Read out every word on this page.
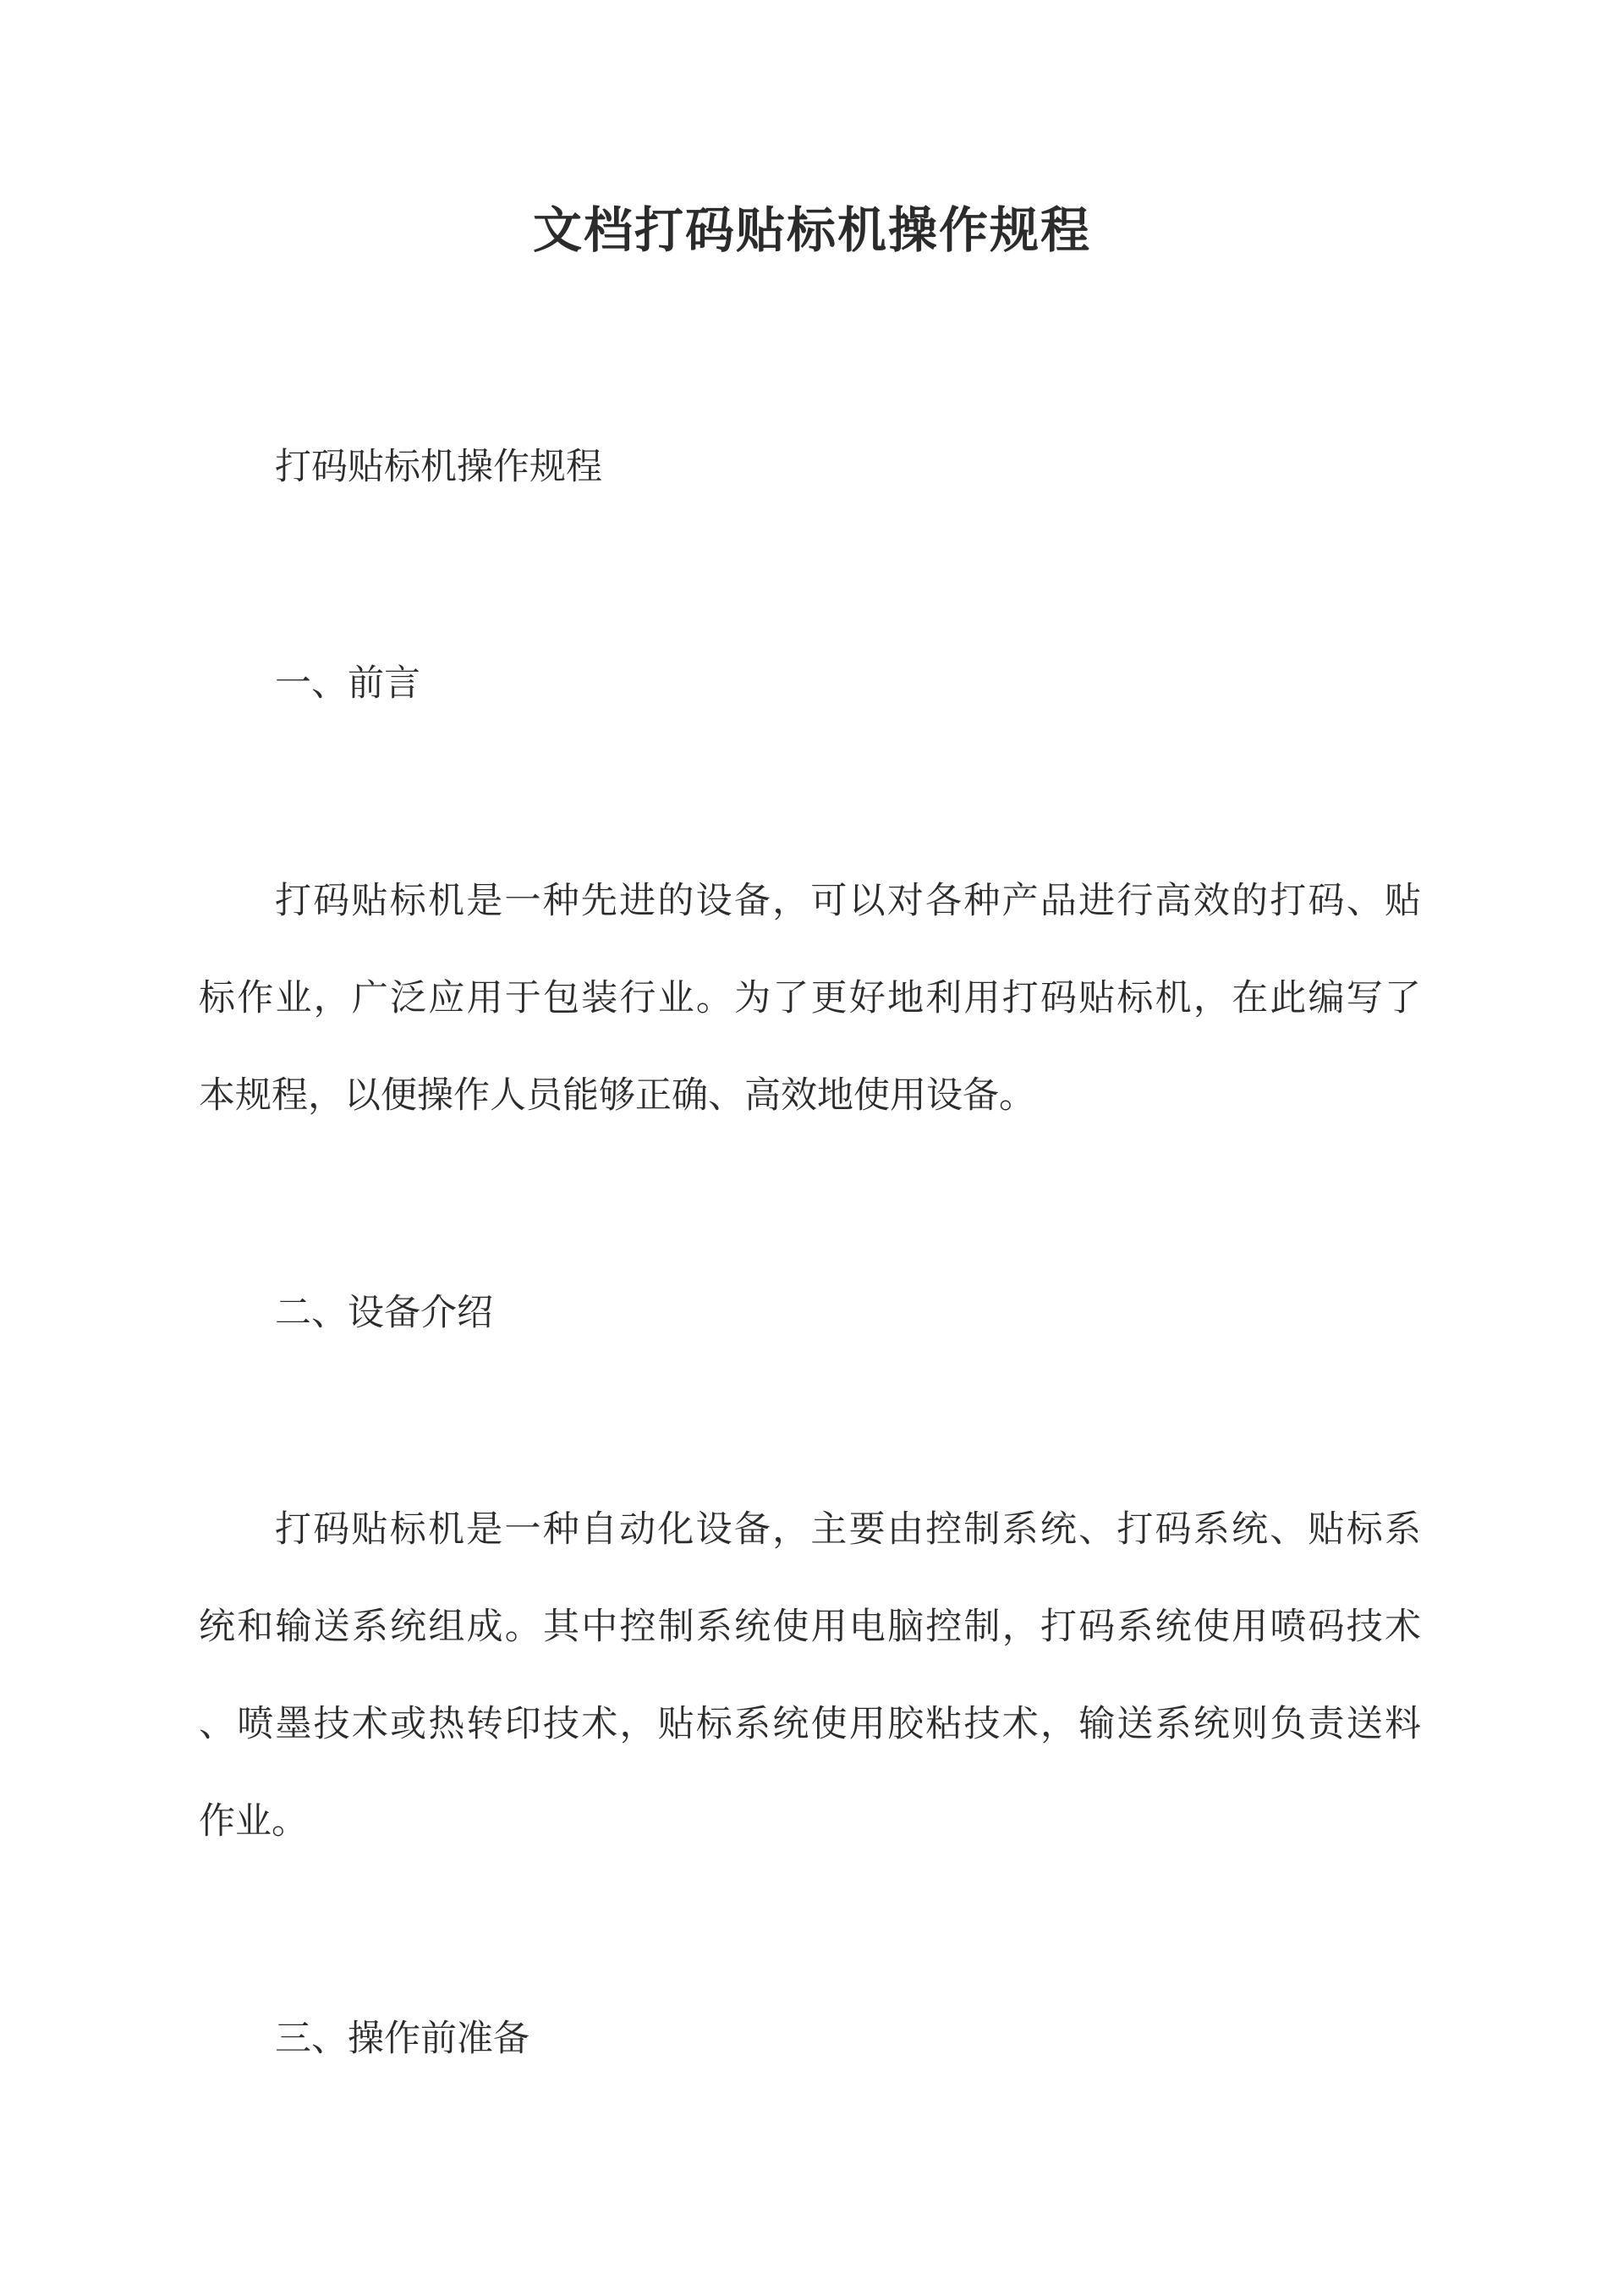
文档打码贴标机操作规程

打码贴标机操作规程

一、前言

打码贴标机是一种先进的设备，可以对各种产品进行高效的打码、贴

标作业，广泛应用于包装行业。为了更好地利用打码贴标机，在此编写了

本规程，以便操作人员能够正确、高效地使用设备。

二、设备介绍

打码贴标机是一种自动化设备，主要由控制系统、打码系统、贴标系

统和输送系统组成。其中控制系统使用电脑控制，打码系统使用喷码技术

、喷墨技术或热转印技术，贴标系统使用胶粘技术，输送系统则负责送料

作业。

三、操作前准备
